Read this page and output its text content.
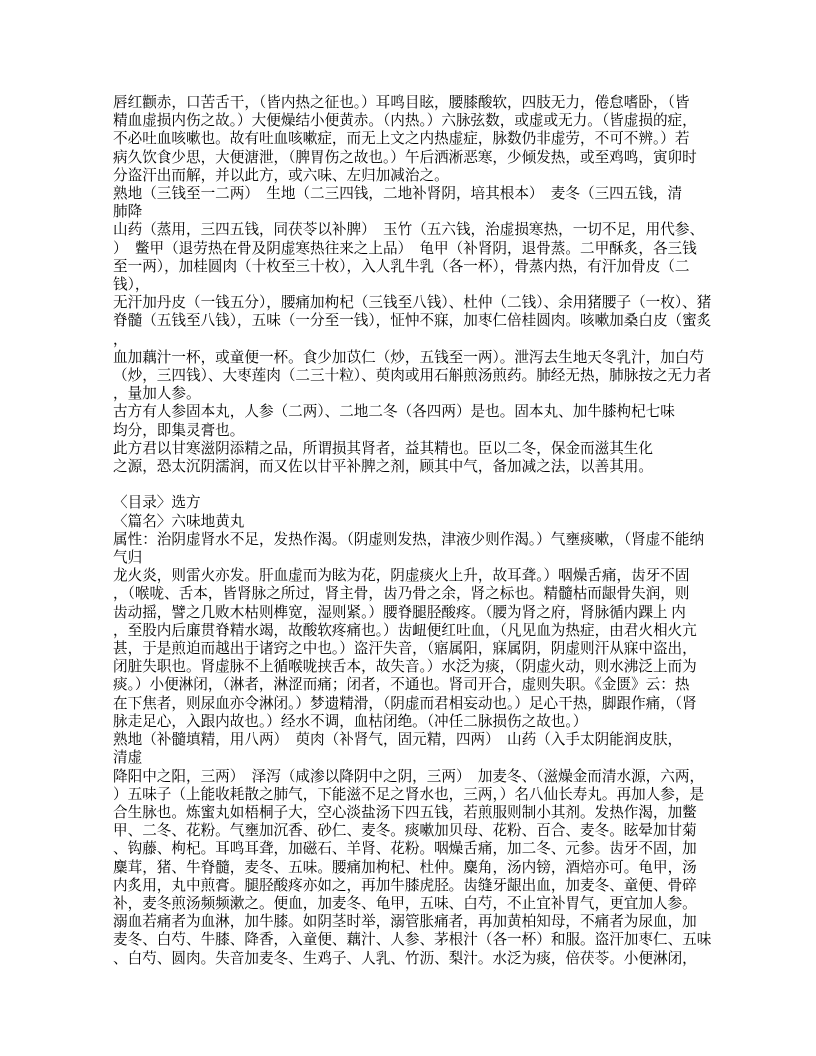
唇红颧赤，口苦舌干，（皆内热之征也。）耳鸣目眩，腰膝酸软，四肢无力，倦怠嗜卧，（皆
精血虚损内伤之故。）大便燥结小便黄赤。（内热。）六脉弦数，或虚或无力。（皆虚损的症，
不必吐血咳嗽也。故有吐血咳嗽症，而无上文之内热虚症，脉数仍非虚劳，不可不辨。）若
病久饮食少思，大便溏泄，（脾胃伤之故也。）午后洒淅恶寒，少倾发热，或至鸡鸣，寅卯时
分盗汗出而解，并以此方，或六味、左归加减治之。
熟地（三钱至一二两）　生地（二三四钱，二地补肾阴，培其根本）　麦冬（三四五钱，清
肺降
山药（蒸用，三四五钱，同茯苓以补脾）　玉竹（五六钱，治虚损寒热，一切不足，用代参、
）　鳖甲（退劳热在骨及阴虚寒热往来之上品）　龟甲（补肾阴，退骨蒸。二甲酥炙，各三钱
至一两），加桂圆肉（十枚至三十枚），入人乳牛乳（各一杯），骨蒸内热，有汗加骨皮（二钱），
无汗加丹皮（一钱五分），腰痛加枸杞（三钱至八钱）、杜仲（二钱）、余用猪腰子（一枚）、猪
脊髓（五钱至八钱），五味（一分至一钱），怔忡不寐，加枣仁倍桂圆肉。咳嗽加桑白皮（蜜炙
，
血加藕汁一杯，或童便一杯。食少加苡仁（炒，五钱至一两）。泄泻去生地天冬乳汁，加白芍
（炒，三四钱）、大枣莲肉（二三十粒）、萸肉或用石斛煎汤煎药。肺经无热，肺脉按之无力者
，量加人参。
古方有人参固本丸，人参（二两）、二地二冬（各四两）是也。固本丸、加牛膝枸杞七味
均分，即集灵膏也。
此方君以甘寒滋阴添精之品，所谓损其肾者，益其精也。臣以二冬，保金而滋其生化
之源，恐太沉阴濡润，而又佐以甘平补脾之剂，顾其中气，备加减之法，以善其用。
〈目录〉选方
〈篇名〉六味地黄丸
属性：治阴虚肾水不足，发热作渴。（阴虚则发热，津液少则作渴。）气壅痰嗽，（肾虚不能纳
气归
龙火炎，则雷火亦发。肝血虚而为眩为花，阴虚痰火上升，故耳聋。）咽燥舌痛，齿牙不固
，（喉咙、舌本，皆肾脉之所过，肾主骨，齿乃骨之余，肾之标也。精髓枯而龈骨失润，则
齿动摇，譬之几败木枯则榫宽，湿则紧。）腰脊腿胫酸疼。（腰为肾之府，肾脉循内踝上 内
，至股内后廉贯脊精水竭，故酸软疼痛也。）齿衄便红吐血，（凡见血为热症，由君火相火亢
甚，于是煎迫而越出于诸窍之中也。）盗汗失音，（寤属阳，寐属阴，阴虚则汗从寐中盗出，
闭脏失职也。肾虚脉不上循喉咙挟舌本，故失音。）水泛为痰，（阴虚火动，则水沸泛上而为
痰。）小便淋闭，（淋者，淋涩而痛；闭者，不通也。肾司开合，虚则失职。《金匮》云：热
在下焦者，则尿血亦令淋闭。）梦遗精滑，（阴虚而君相妄动也。）足心干热，脚跟作痛，（肾
脉走足心，入跟内故也。）经水不调，血枯闭绝。（冲任二脉损伤之故也。）
熟地（补髓填精，用八两）　萸肉（补肾气，固元精，四两）　山药（入手太阴能润皮肤，
清虚
降阳中之阳，三两）　泽泻（咸渗以降阴中之阴，三两）　加麦冬、（滋燥金而清水源，六两，
）五味子（上能收耗散之肺气，下能滋不足之肾水也，三两，）名八仙长寿丸。再加人参，是
合生脉也。炼蜜丸如梧桐子大，空心淡盐汤下四五钱，若煎服则制小其剂。发热作渴，加鳖
甲、二冬、花粉。气壅加沉香、砂仁、麦冬。痰嗽加贝母、花粉、百合、麦冬。眩晕加甘菊
、钩藤、枸杞。耳鸣耳聋，加磁石、羊肾、花粉。咽燥舌痛，加二冬、元参。齿牙不固，加
麋茸，猪、牛脊髓，麦冬、五味。腰痛加枸杞、杜仲。麋角，汤内镑，酒焙亦可。龟甲，汤
内炙用，丸中煎膏。腿胫酸疼亦如之，再加牛膝虎胫。齿缝牙龈出血，加麦冬、童便、骨碎
补，麦冬煎汤频频漱之。便血，加麦冬、龟甲，五味、白芍，不止宜补胃气，更宜加人参。
溺血若痛者为血淋，加牛膝。如阴茎时举，溺管胀痛者，再加黄柏知母，不痛者为尿血，加
麦冬、白芍、牛膝、降香，入童便、藕汁、人参、茅根汁（各一杯）和服。盗汗加枣仁、五味
、白芍、圆肉。失音加麦冬、生鸡子、人乳、竹沥、梨汁。水泛为痰，倍茯苓。小便淋闭，
